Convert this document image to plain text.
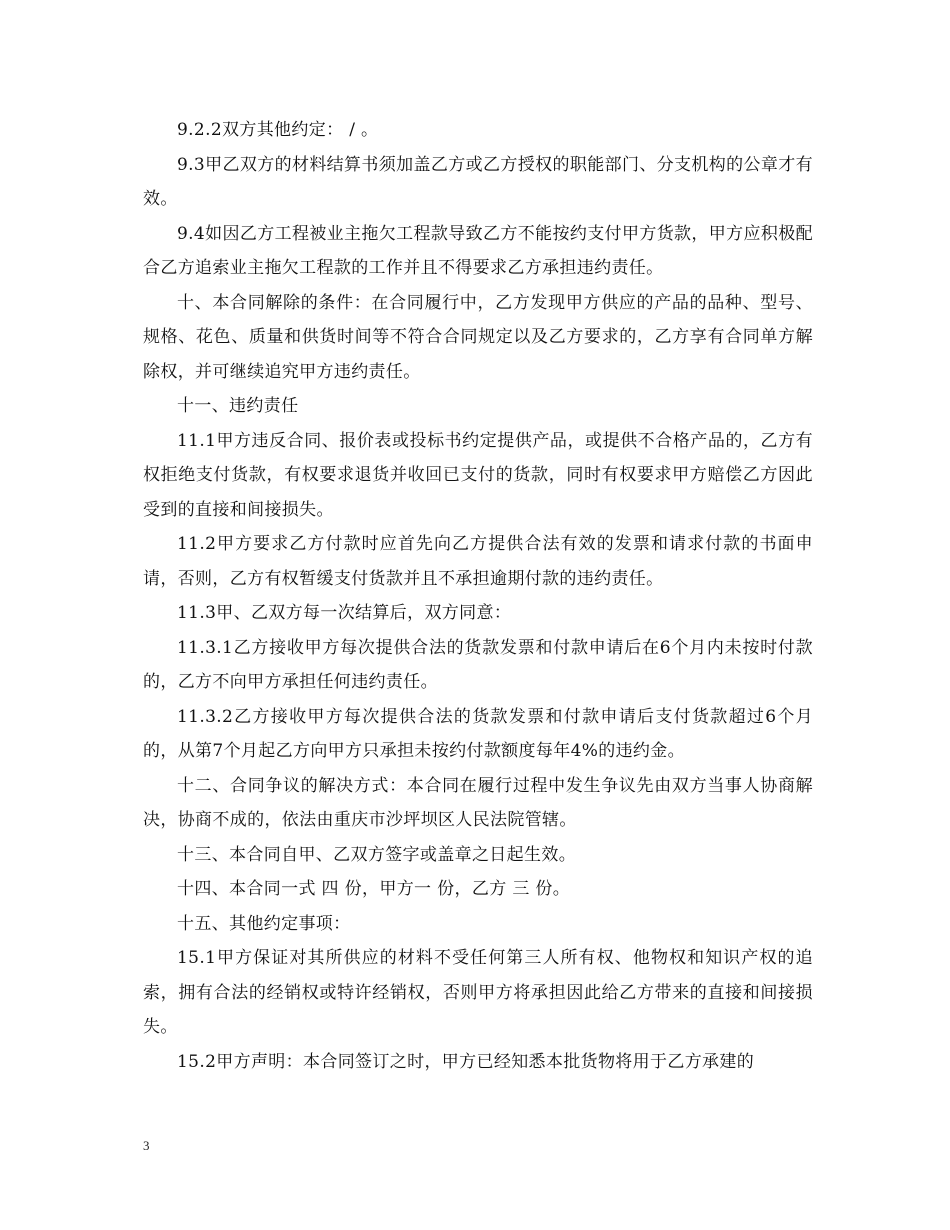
9.2.2双方其他约定： / 。

9.3甲乙双方的材料结算书须加盖乙方或乙方授权的职能部门、分支机构的公章才有效。

9.4如因乙方工程被业主拖欠工程款导致乙方不能按约支付甲方货款，甲方应积极配合乙方追索业主拖欠工程款的工作并且不得要求乙方承担违约责任。

十、本合同解除的条件：在合同履行中，乙方发现甲方供应的产品的品种、型号、规格、花色、质量和供货时间等不符合合同规定以及乙方要求的，乙方享有合同单方解除权，并可继续追究甲方违约责任。

十一、违约责任

11.1甲方违反合同、报价表或投标书约定提供产品，或提供不合格产品的，乙方有权拒绝支付货款，有权要求退货并收回已支付的货款，同时有权要求甲方赔偿乙方因此受到的直接和间接损失。

11.2甲方要求乙方付款时应首先向乙方提供合法有效的发票和请求付款的书面申请，否则，乙方有权暂缓支付货款并且不承担逾期付款的违约责任。

11.3甲、乙双方每一次结算后，双方同意：

11.3.1乙方接收甲方每次提供合法的货款发票和付款申请后在6个月内未按时付款的，乙方不向甲方承担任何违约责任。

11.3.2乙方接收甲方每次提供合法的货款发票和付款申请后支付货款超过6个月的，从第7个月起乙方向甲方只承担未按约付款额度每年4%的违约金。

十二、合同争议的解决方式：本合同在履行过程中发生争议先由双方当事人协商解决，协商不成的，依法由重庆市沙坪坝区人民法院管辖。

十三、本合同自甲、乙双方签字或盖章之日起生效。

十四、本合同一式 四 份，甲方一 份，乙方 三 份。

十五、其他约定事项：

15.1甲方保证对其所供应的材料不受任何第三人所有权、他物权和知识产权的追索，拥有合法的经销权或特许经销权，否则甲方将承担因此给乙方带来的直接和间接损失。

15.2甲方声明：本合同签订之时，甲方已经知悉本批货物将用于乙方承建的

3
